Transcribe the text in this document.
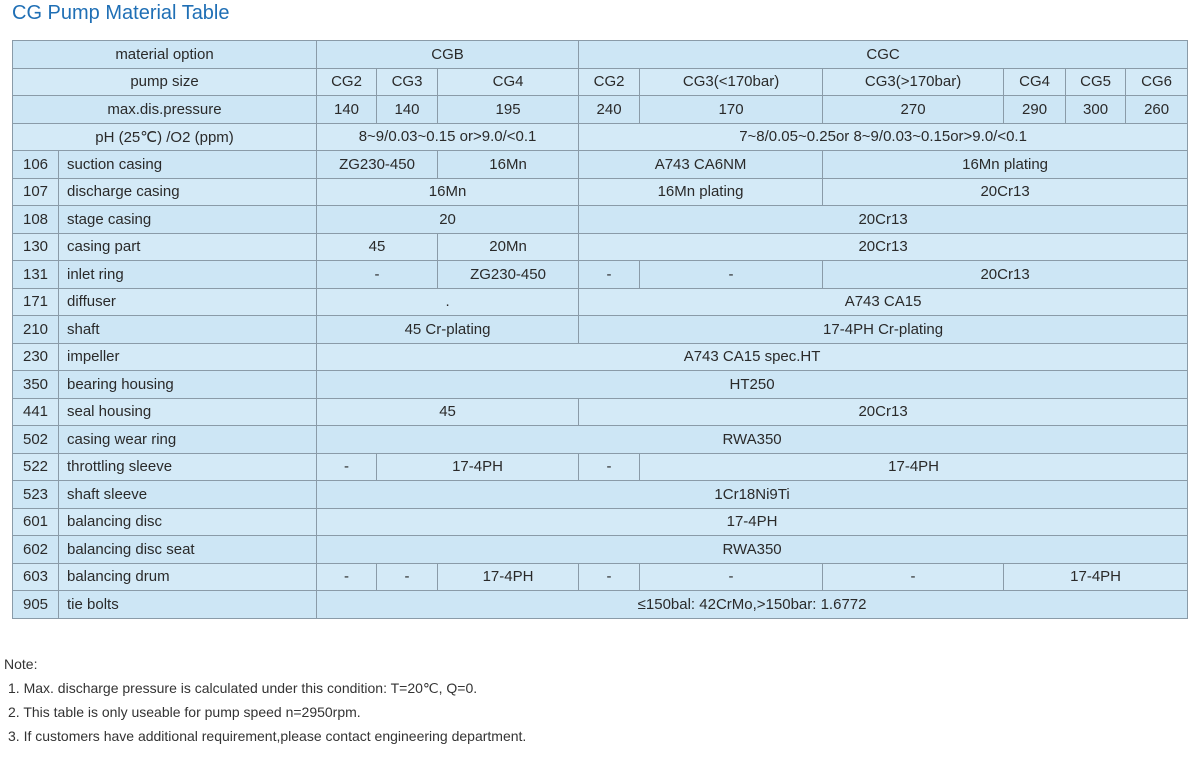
CG Pump Material Table
material option		CGB			CGC					
pump size		CG2	CG3	CG4	CG2	CG3(<170bar)	CG3(>170bar)	CG4	CG5	CG6
max.dis.pressure		140	140	195	240	170	270	290	300	260
pH (25℃) /O2 (ppm)		8~9/0.03~0.15 or>9.0/<0.1			7~8/0.05~0.25or 8~9/0.03~0.15or>9.0/<0.1					
106	suction casing	ZG230-450		16Mn	A743 CA6NM		16Mn plating			
107	discharge casing	16Mn			16Mn plating		20Cr13			
108	stage casing	20			20Cr13					
130	casing part	45		20Mn	20Cr13					
131	inlet ring	-		ZG230-450	-	-	20Cr13			
171	diffuser	.			A743 CA15					
210	shaft	45 Cr-plating			17-4PH Cr-plating					
230	impeller	A743 CA15 spec.HT								
350	bearing housing	HT250								
441	seal housing	45			20Cr13					
502	casing wear ring	RWA350								
522	throttling sleeve	-	17-4PH		-	17-4PH				
523	shaft sleeve	1Cr18Ni9Ti								
601	balancing disc	17-4PH								
602	balancing disc seat	RWA350								
603	balancing drum	-	-	17-4PH	-	-	-	17-4PH		
905	tie bolts	≤150bal: 42CrMo,>150bar: 1.6772								
Note:
1. Max. discharge pressure is calculated under this condition: T=20℃, Q=0.
2. This table is only useable for pump speed n=2950rpm.
3. If customers have additional requirement,please contact engineering department.
